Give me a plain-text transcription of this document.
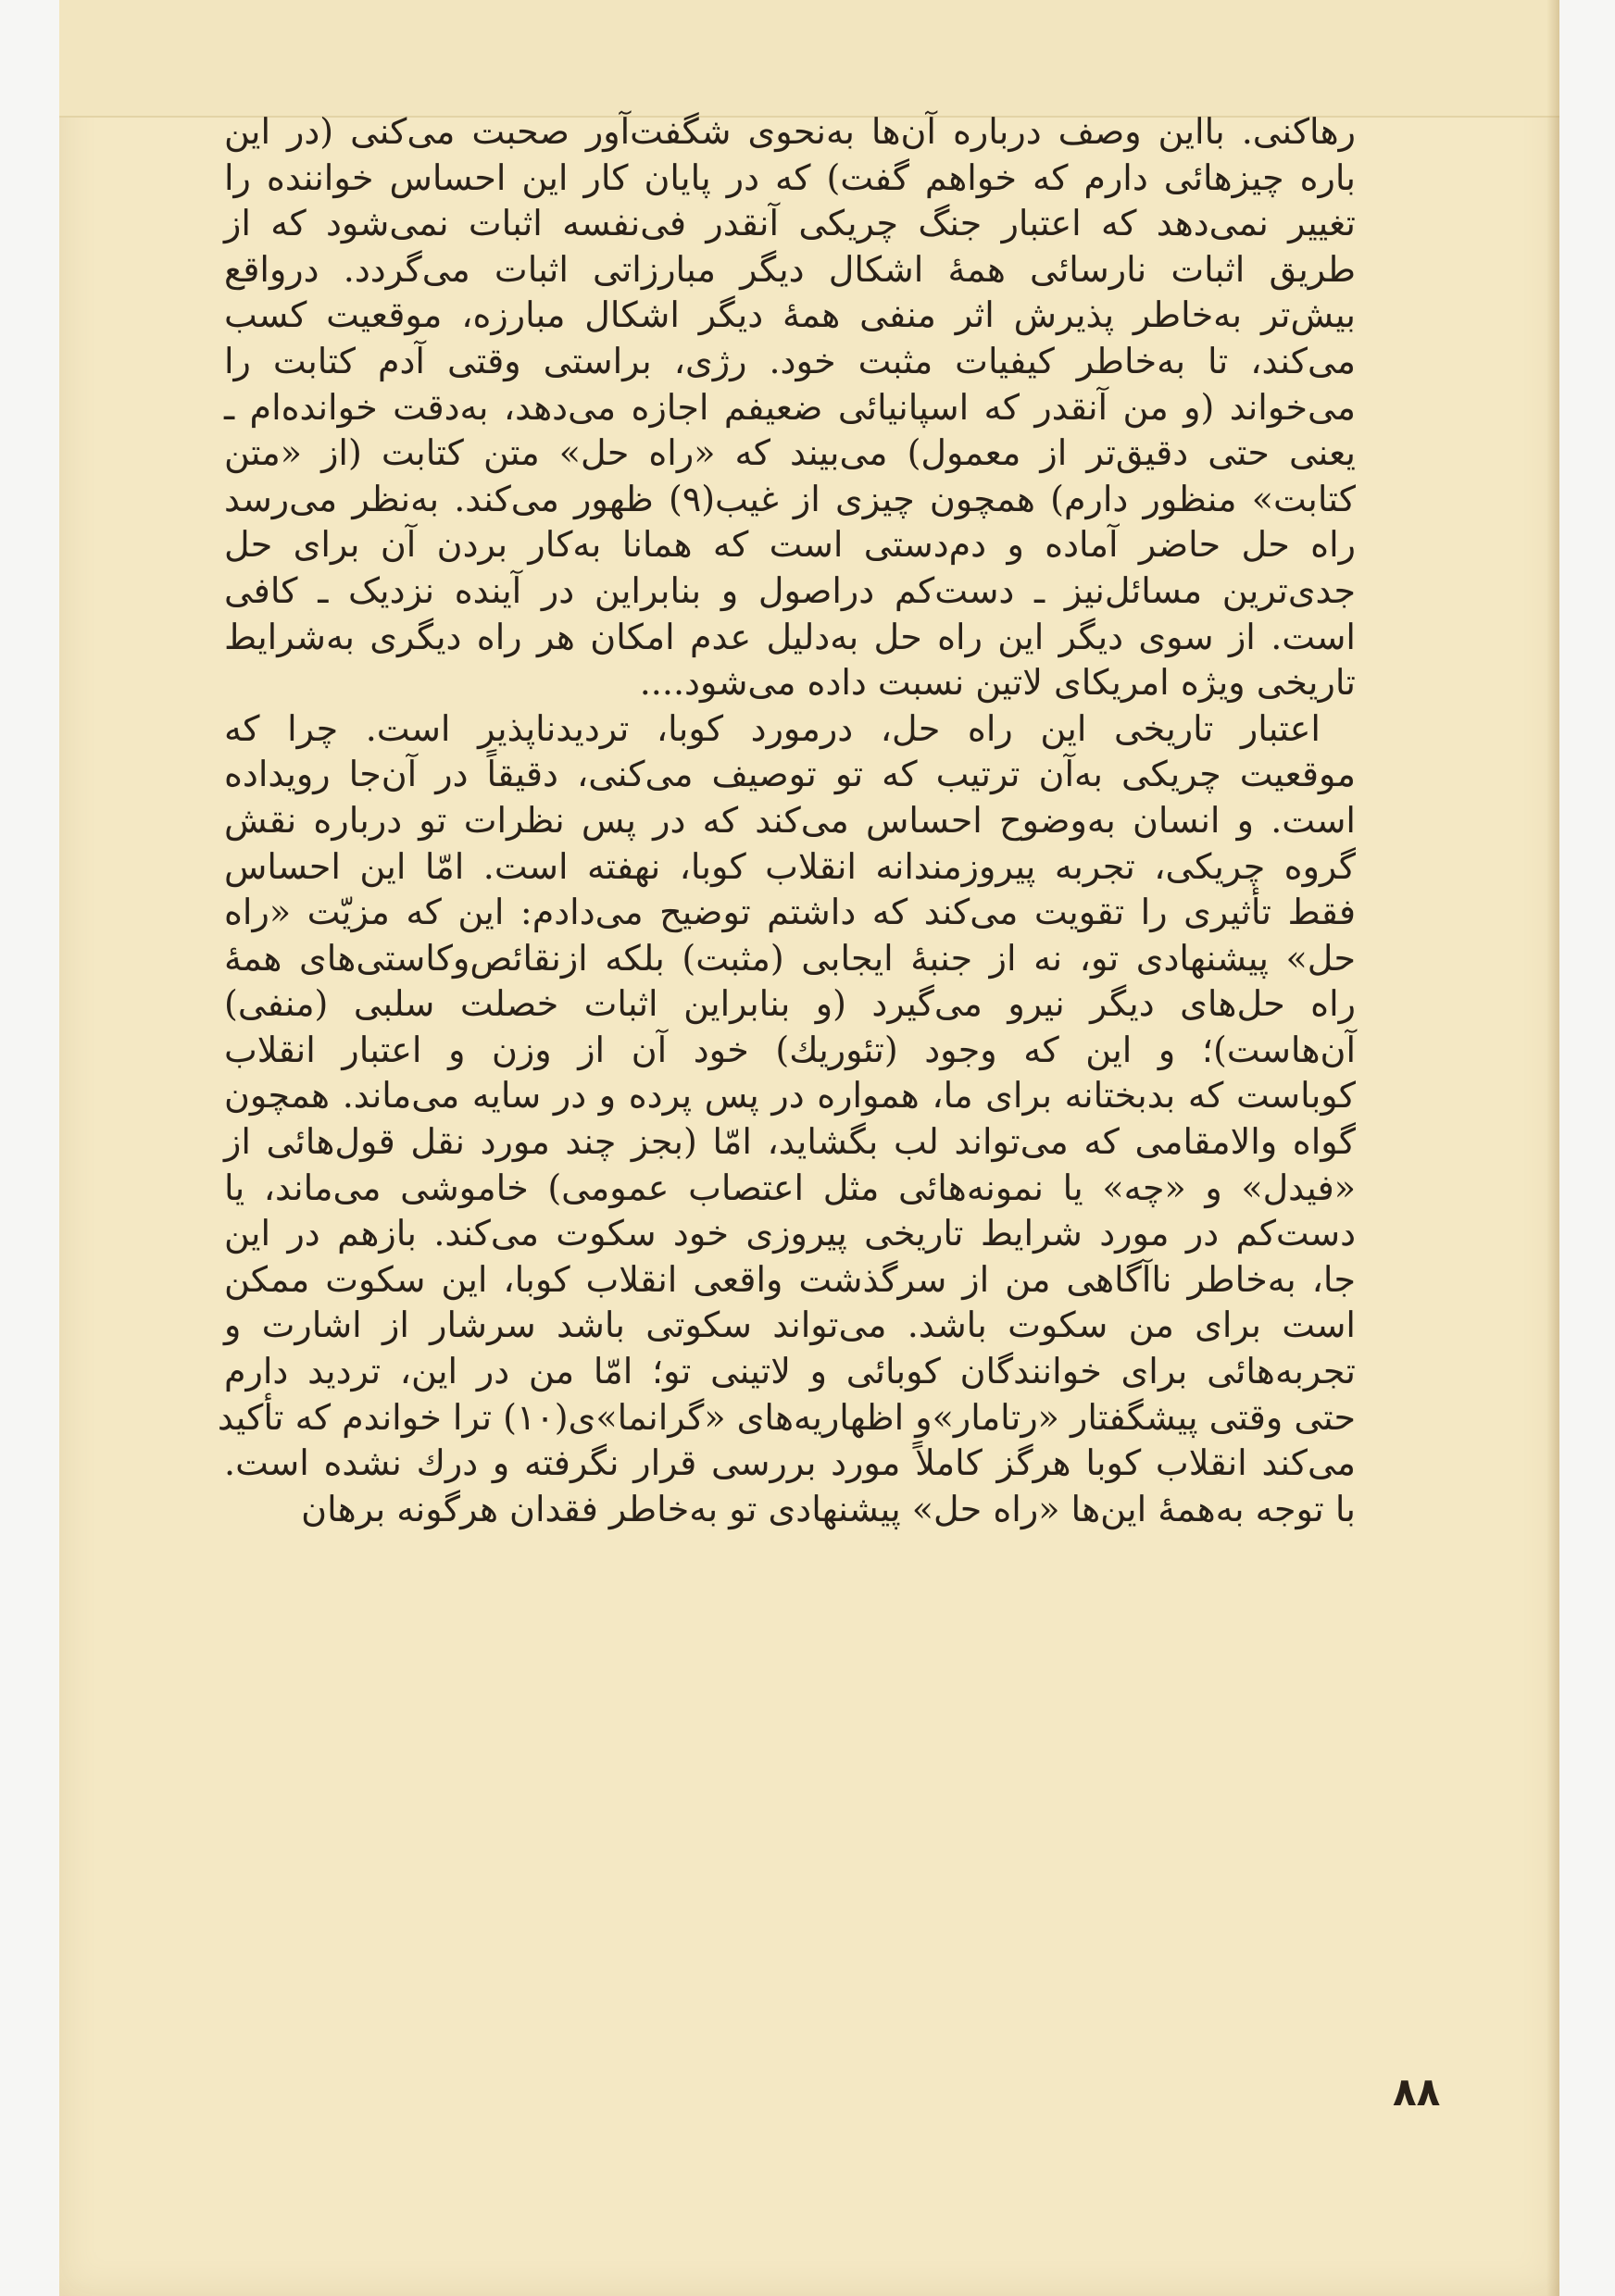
رهاکنی. بااین وصف درباره آن‌ها به‌نحوی شگفت‌آور صحبت می‌کنی (در این
باره چیزهائی دارم که خواهم گفت) که در پایان کار این احساس خواننده را
تغییر نمی‌دهد که اعتبار جنگ چریکی آنقدر فی‌نفسه اثبات نمی‌شود که از
طریق اثبات نارسائی همهٔ اشکال دیگر مبارزاتی اثبات می‌گردد. درواقع
بیش‌تر به‌خاطر پذیرش اثر منفی همهٔ دیگر اشکال مبارزه، موقعیت کسب
می‌کند، تا به‌خاطر کیفیات مثبت خود. رژی، براستی وقتی آدم کتابت را
می‌خواند (و من آنقدر که اسپانیائی ضعیفم اجازه می‌دهد، به‌دقت خوانده‌ام ـ
یعنی حتی دقیق‌تر از معمول) می‌بیند که «راه حل» متن کتابت (از «متن
کتابت» منظور دارم) همچون چیزی از غیب(۹) ظهور می‌کند. به‌نظر می‌رسد
راه حل حاضر آماده و دم‌دستی است که همانا به‌کار بردن آن برای حل
جدی‌ترین مسائل‌نیز ـ دست‌کم دراصول و بنابراین در آینده نزدیک ـ کافی
است. از سوی دیگر این راه حل به‌دلیل عدم امکان هر راه دیگری به‌شرایط
تاریخی ویژه امریکای لاتین نسبت داده می‌شود....

اعتبار تاریخی این راه حل، درمورد کوبا، تردیدناپذیر است. چرا که
موقعیت چریکی به‌آن ترتیب که تو توصیف می‌کنی، دقیقاً در آن‌جا رویداده
است. و انسان به‌وضوح احساس می‌کند که در پس نظرات تو درباره نقش
گروه چریکی، تجربه پیروزمندانه انقلاب کوبا، نهفته است. امّا این احساس
فقط تأثیری را تقویت می‌کند که داشتم توضیح می‌دادم: این که مزیّت «راه
حل» پیشنهادی تو، نه از جنبهٔ ایجابی (مثبت) بلکه ازنقائص‌وکاستی‌های همهٔ
راه حل‌های دیگر نیرو می‌گیرد (و بنابراین اثبات خصلت سلبی (منفی)
آن‌هاست)؛ و این که وجود (تئوریك) خود آن از وزن و اعتبار انقلاب
کوباست که بدبختانه برای ما، همواره در پس پرده و در سایه می‌ماند. همچون
گواه والامقامی که می‌تواند لب بگشاید، امّا (بجز چند مورد نقل قول‌هائی از
«فیدل» و «چه» یا نمونه‌هائی مثل اعتصاب عمومی) خاموشی می‌ماند، یا
دست‌کم در مورد شرایط تاریخی پیروزی خود سکوت می‌کند. بازهم در این
جا، به‌خاطر ناآگاهی من از سرگذشت واقعی انقلاب کوبا، این سکوت ممکن
است برای من سکوت باشد. می‌تواند سکوتی باشد سرشار از اشارت و
تجربه‌هائی برای خوانندگان کوبائی و لاتینی تو؛ امّا من در این، تردید دارم
حتی وقتی پیشگفتار «رتامار»و اظهاریه‌های «گرانما»ی(۱۰) ترا خواندم که تأکید
می‌کند انقلاب کوبا هرگز کاملاً مورد بررسی قرار نگرفته و درك نشده است.
با توجه به‌همهٔ این‌ها «راه حل» پیشنهادی تو به‌خاطر فقدان هرگونه برهان

۸۸
